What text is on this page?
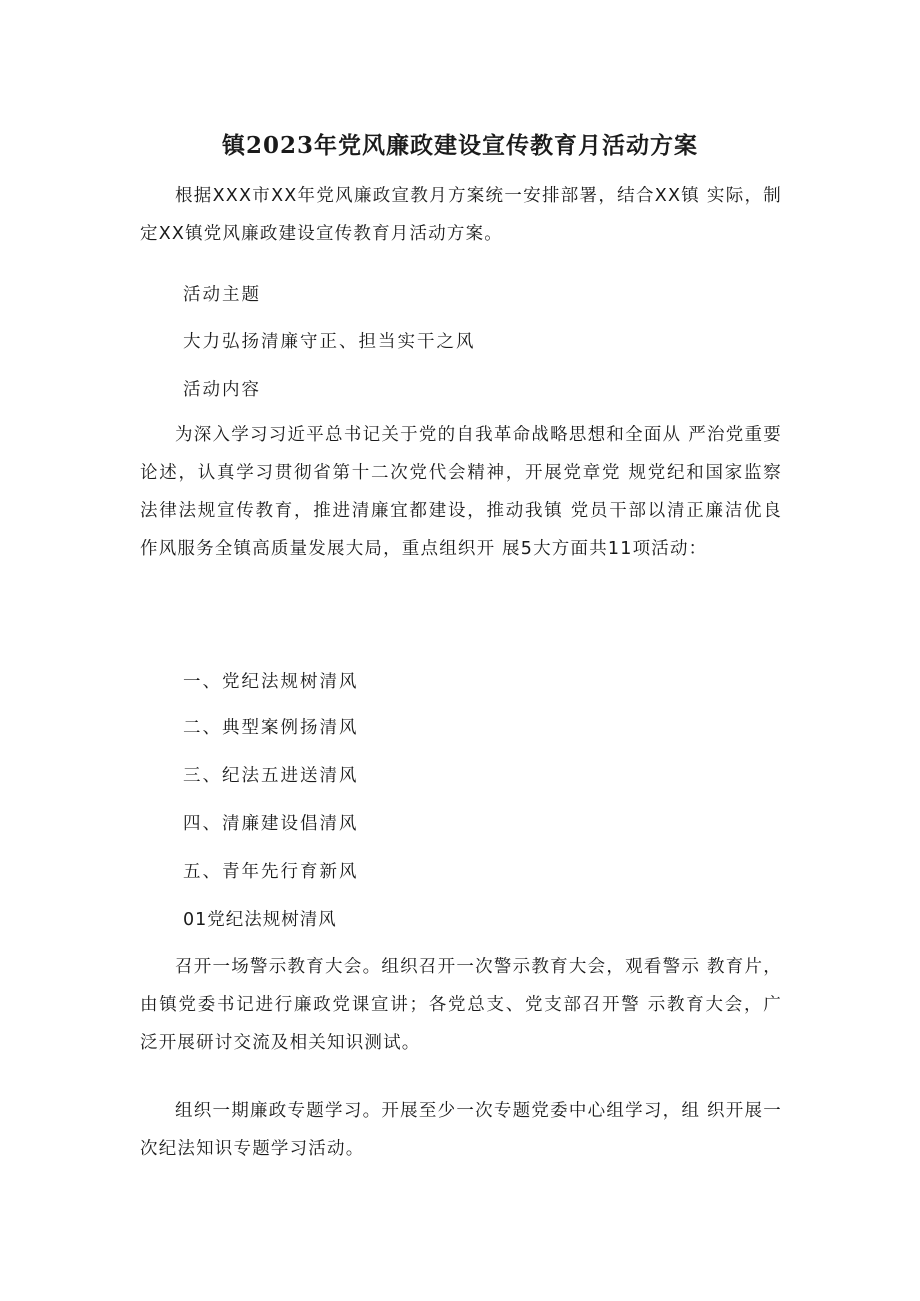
镇2023年党风廉政建设宣传教育月活动方案
根据XXX市XX年党风廉政宣教月方案统一安排部署，结合XX镇 实际，制定XX镇党风廉政建设宣传教育月活动方案。
活动主题
大力弘扬清廉守正、担当实干之风
活动内容
为深入学习习近平总书记关于党的自我革命战略思想和全面从 严治党重要论述，认真学习贯彻省第十二次党代会精神，开展党章党 规党纪和国家监察法律法规宣传教育，推进清廉宜都建设，推动我镇 党员干部以清正廉洁优良作风服务全镇高质量发展大局，重点组织开 展5大方面共11项活动：
一、党纪法规树清风
二、典型案例扬清风
三、纪法五进送清风
四、清廉建设倡清风
五、青年先行育新风
01党纪法规树清风
召开一场警示教育大会。组织召开一次警示教育大会，观看警示 教育片，由镇党委书记进行廉政党课宣讲；各党总支、党支部召开警 示教育大会，广泛开展研讨交流及相关知识测试。
组织一期廉政专题学习。开展至少一次专题党委中心组学习，组 织开展一次纪法知识专题学习活动。
